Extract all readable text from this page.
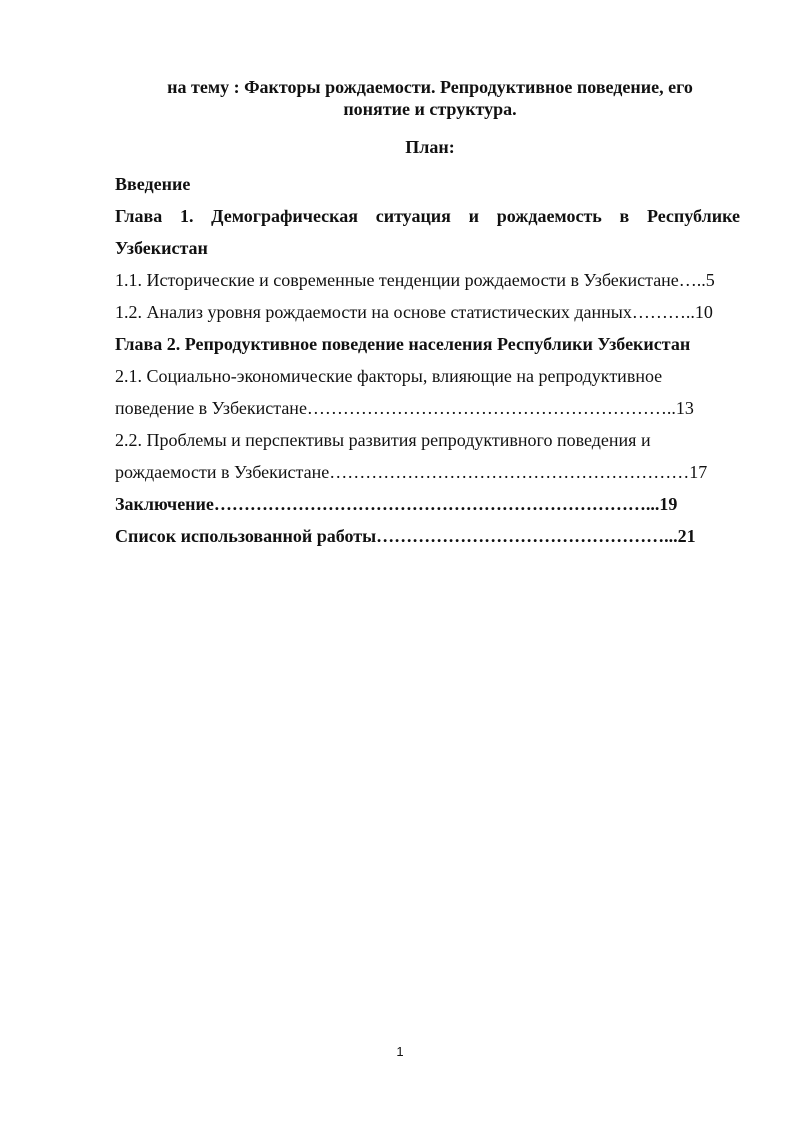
на тему : Факторы рождаемости. Репродуктивное поведение, его
понятие и структура.
План:
Введение
Глава 1. Демографическая ситуация и рождаемость в Республике
Узбекистан
1.1. Исторические и современные тенденции рождаемости в Узбекистане…..5
1.2. Анализ уровня рождаемости на основе статистических данных………..10
Глава 2. Репродуктивное поведение населения Республики Узбекистан
2.1. Социально-экономические факторы, влияющие на репродуктивное
поведение в Узбекистане……………………………………………………..13
2.2. Проблемы и перспективы развития репродуктивного поведения и
рождаемости в Узбекистане……………………………………………………17
Заключение………………………………………………………………...19
Список использованной работы…………………………………………...21
1
